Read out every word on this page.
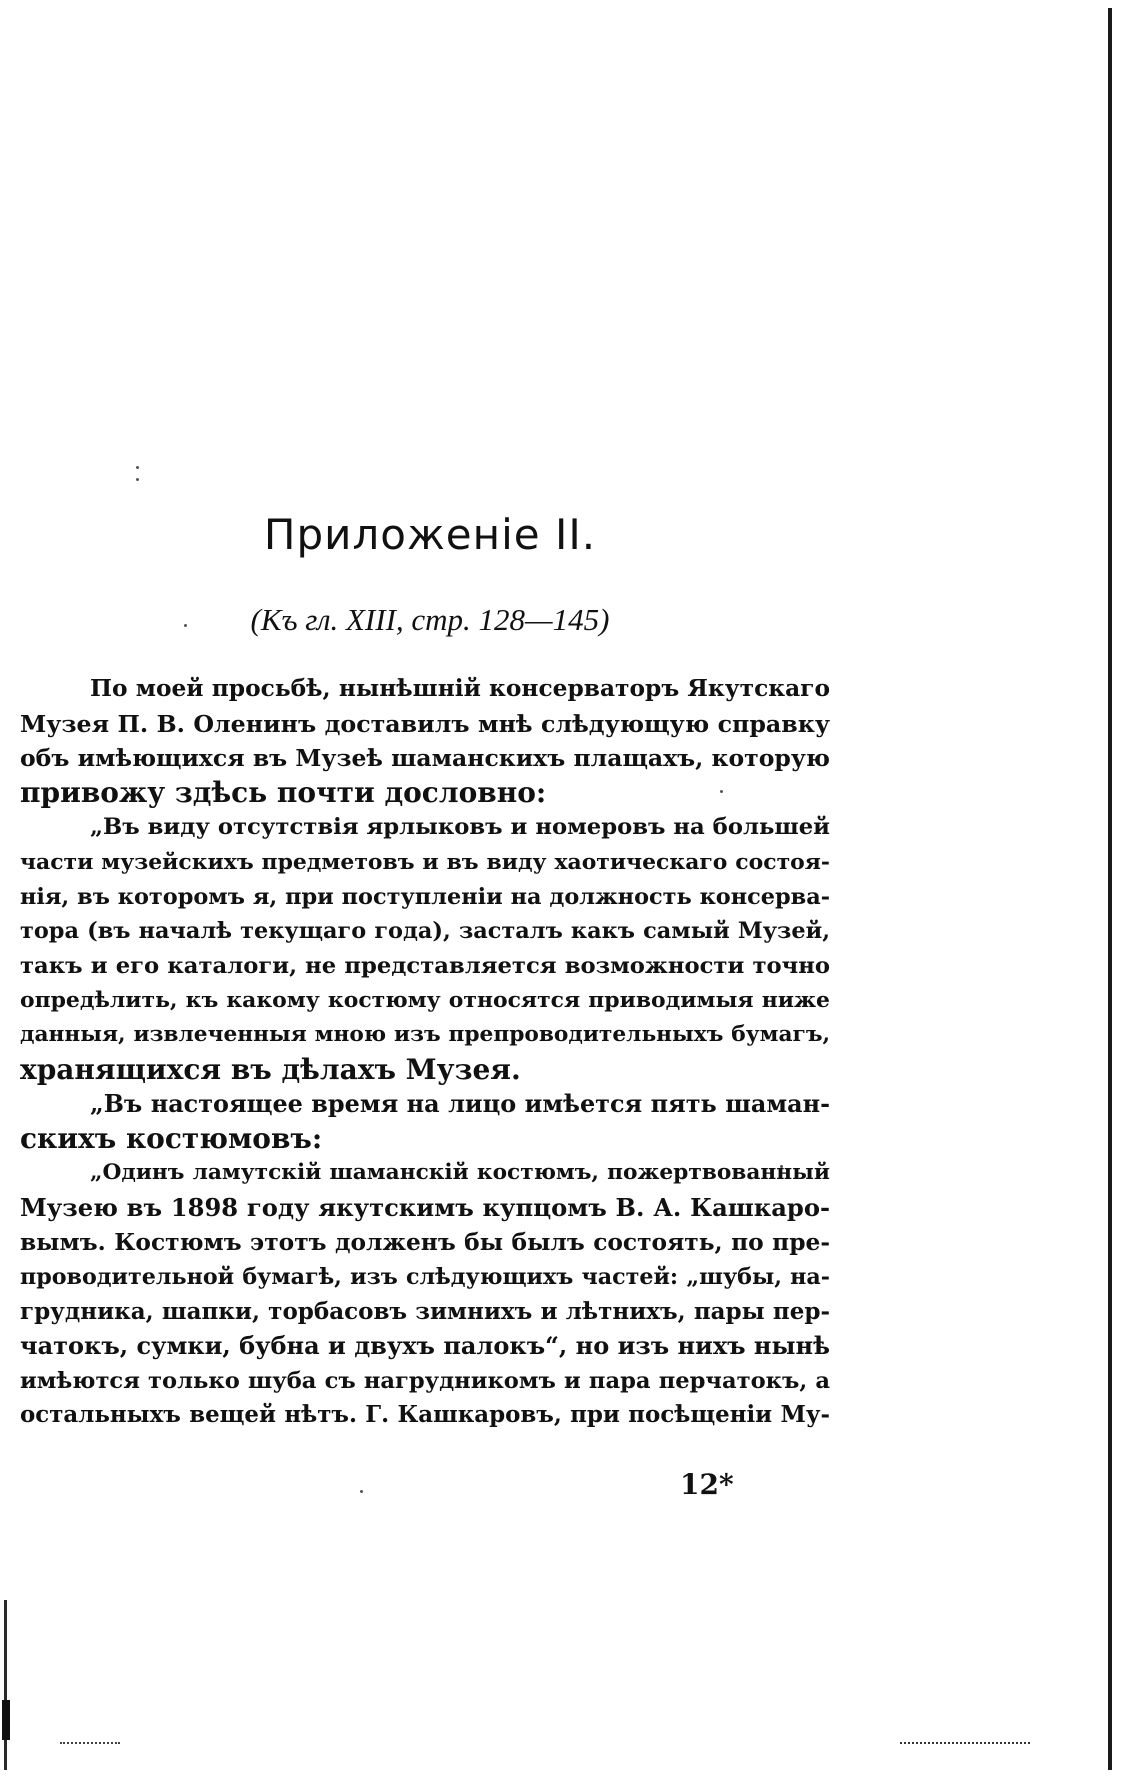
Приложеніе II.

(Къ гл. XIII, стр. 128—145)

По моей просьбѣ, нынѣшній консерваторъ Якутскаго
Музея П. В. Оленинъ доставилъ мнѣ слѣдующую справку
объ имѣющихся въ Музеѣ шаманскихъ плащахъ, которую
привожу здѣсь почти дословно:
„Въ виду отсутствія ярлыковъ и номеровъ на большей
части музейскихъ предметовъ и въ виду хаотическаго состоя-
нія, въ которомъ я, при поступленіи на должность консерва-
тора (въ началѣ текущаго года), засталъ какъ самый Музей,
такъ и его каталоги, не представляется возможности точно
опредѣлить, къ какому костюму относятся приводимыя ниже
данныя, извлеченныя мною изъ препроводительныхъ бумагъ,
хранящихся въ дѣлахъ Музея.
„Въ настоящее время на лицо имѣется пять шаман-
скихъ костюмовъ:
„Одинъ ламутскій шаманскій костюмъ, пожертвованный
Музею въ 1898 году якутскимъ купцомъ В. А. Кашкаро-
вымъ. Костюмъ этотъ долженъ бы былъ состоять, по пре-
проводительной бумагѣ, изъ слѣдующихъ частей: „шубы, на-
грудника, шапки, торбасовъ зимнихъ и лѣтнихъ, пары пер-
чатокъ, сумки, бубна и двухъ палокъ“, но изъ нихъ нынѣ
имѣются только шуба съ нагрудникомъ и пара перчатокъ, а
остальныхъ вещей нѣтъ. Г. Кашкаровъ, при посѣщеніи Му-

12*
